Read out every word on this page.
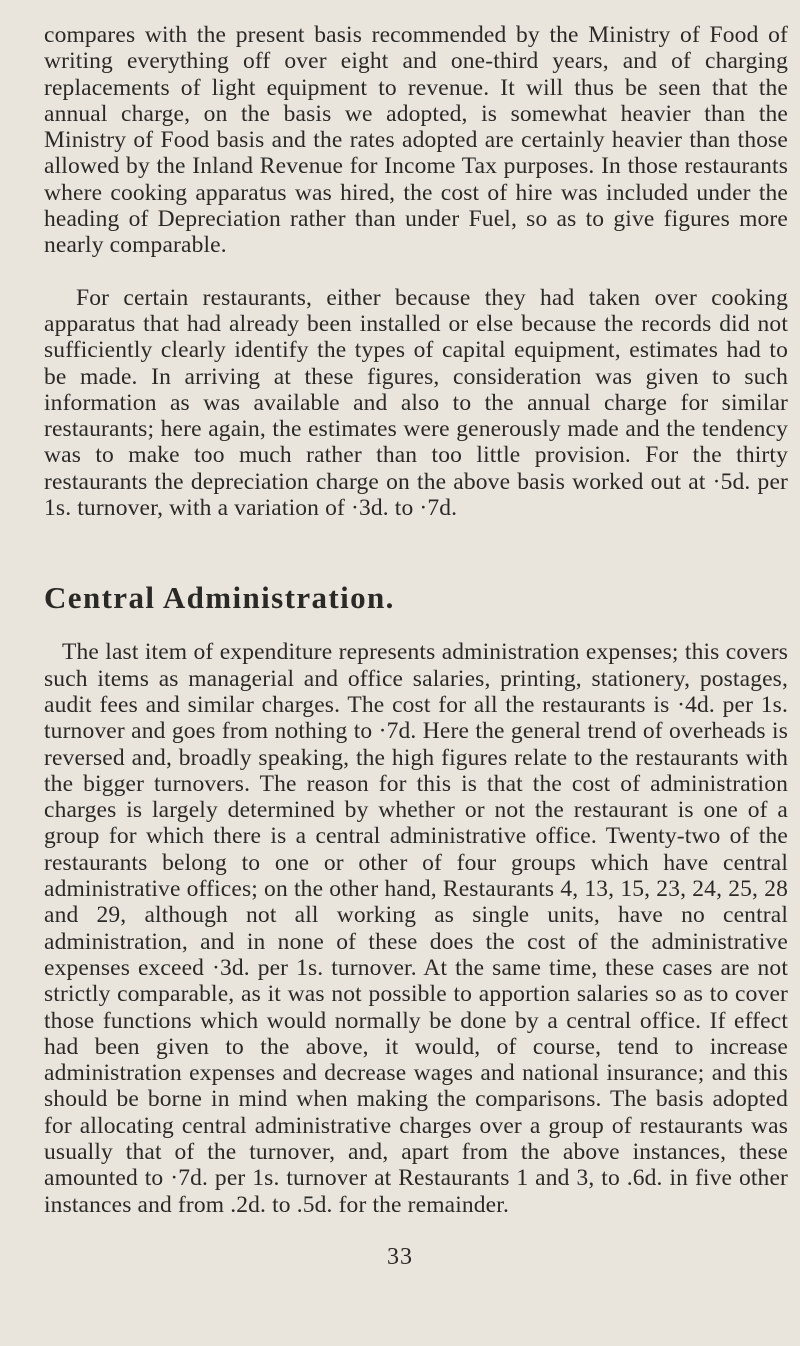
compares with the present basis recommended by the Ministry of Food of writing everything off over eight and one-third years, and of charging replacements of light equipment to revenue. It will thus be seen that the annual charge, on the basis we adopted, is somewhat heavier than the Ministry of Food basis and the rates adopted are certainly heavier than those allowed by the Inland Revenue for Income Tax purposes. In those restaurants where cooking apparatus was hired, the cost of hire was included under the heading of Depreciation rather than under Fuel, so as to give figures more nearly comparable.

For certain restaurants, either because they had taken over cooking apparatus that had already been installed or else because the records did not sufficiently clearly identify the types of capital equipment, estimates had to be made. In arriving at these figures, consideration was given to such information as was available and also to the annual charge for similar restaurants; here again, the estimates were generously made and the tendency was to make too much rather than too little provision. For the thirty restaurants the depreciation charge on the above basis worked out at ·5d. per 1s. turnover, with a variation of ·3d. to ·7d.

Central Administration.

The last item of expenditure represents administration expenses; this covers such items as managerial and office salaries, printing, stationery, postages, audit fees and similar charges. The cost for all the restaurants is ·4d. per 1s. turnover and goes from nothing to ·7d. Here the general trend of overheads is reversed and, broadly speaking, the high figures relate to the restaurants with the bigger turnovers. The reason for this is that the cost of administration charges is largely determined by whether or not the restaurant is one of a group for which there is a central administrative office. Twenty-two of the restaurants belong to one or other of four groups which have central administrative offices; on the other hand, Restaurants 4, 13, 15, 23, 24, 25, 28 and 29, although not all working as single units, have no central administration, and in none of these does the cost of the administrative expenses exceed ·3d. per 1s. turnover. At the same time, these cases are not strictly comparable, as it was not possible to apportion salaries so as to cover those functions which would normally be done by a central office. If effect had been given to the above, it would, of course, tend to increase administration expenses and decrease wages and national insurance; and this should be borne in mind when making the comparisons. The basis adopted for allocating central administrative charges over a group of restaurants was usually that of the turnover, and, apart from the above instances, these amounted to ·7d. per 1s. turnover at Restaurants 1 and 3, to .6d. in five other instances and from .2d. to .5d. for the remainder.

33
